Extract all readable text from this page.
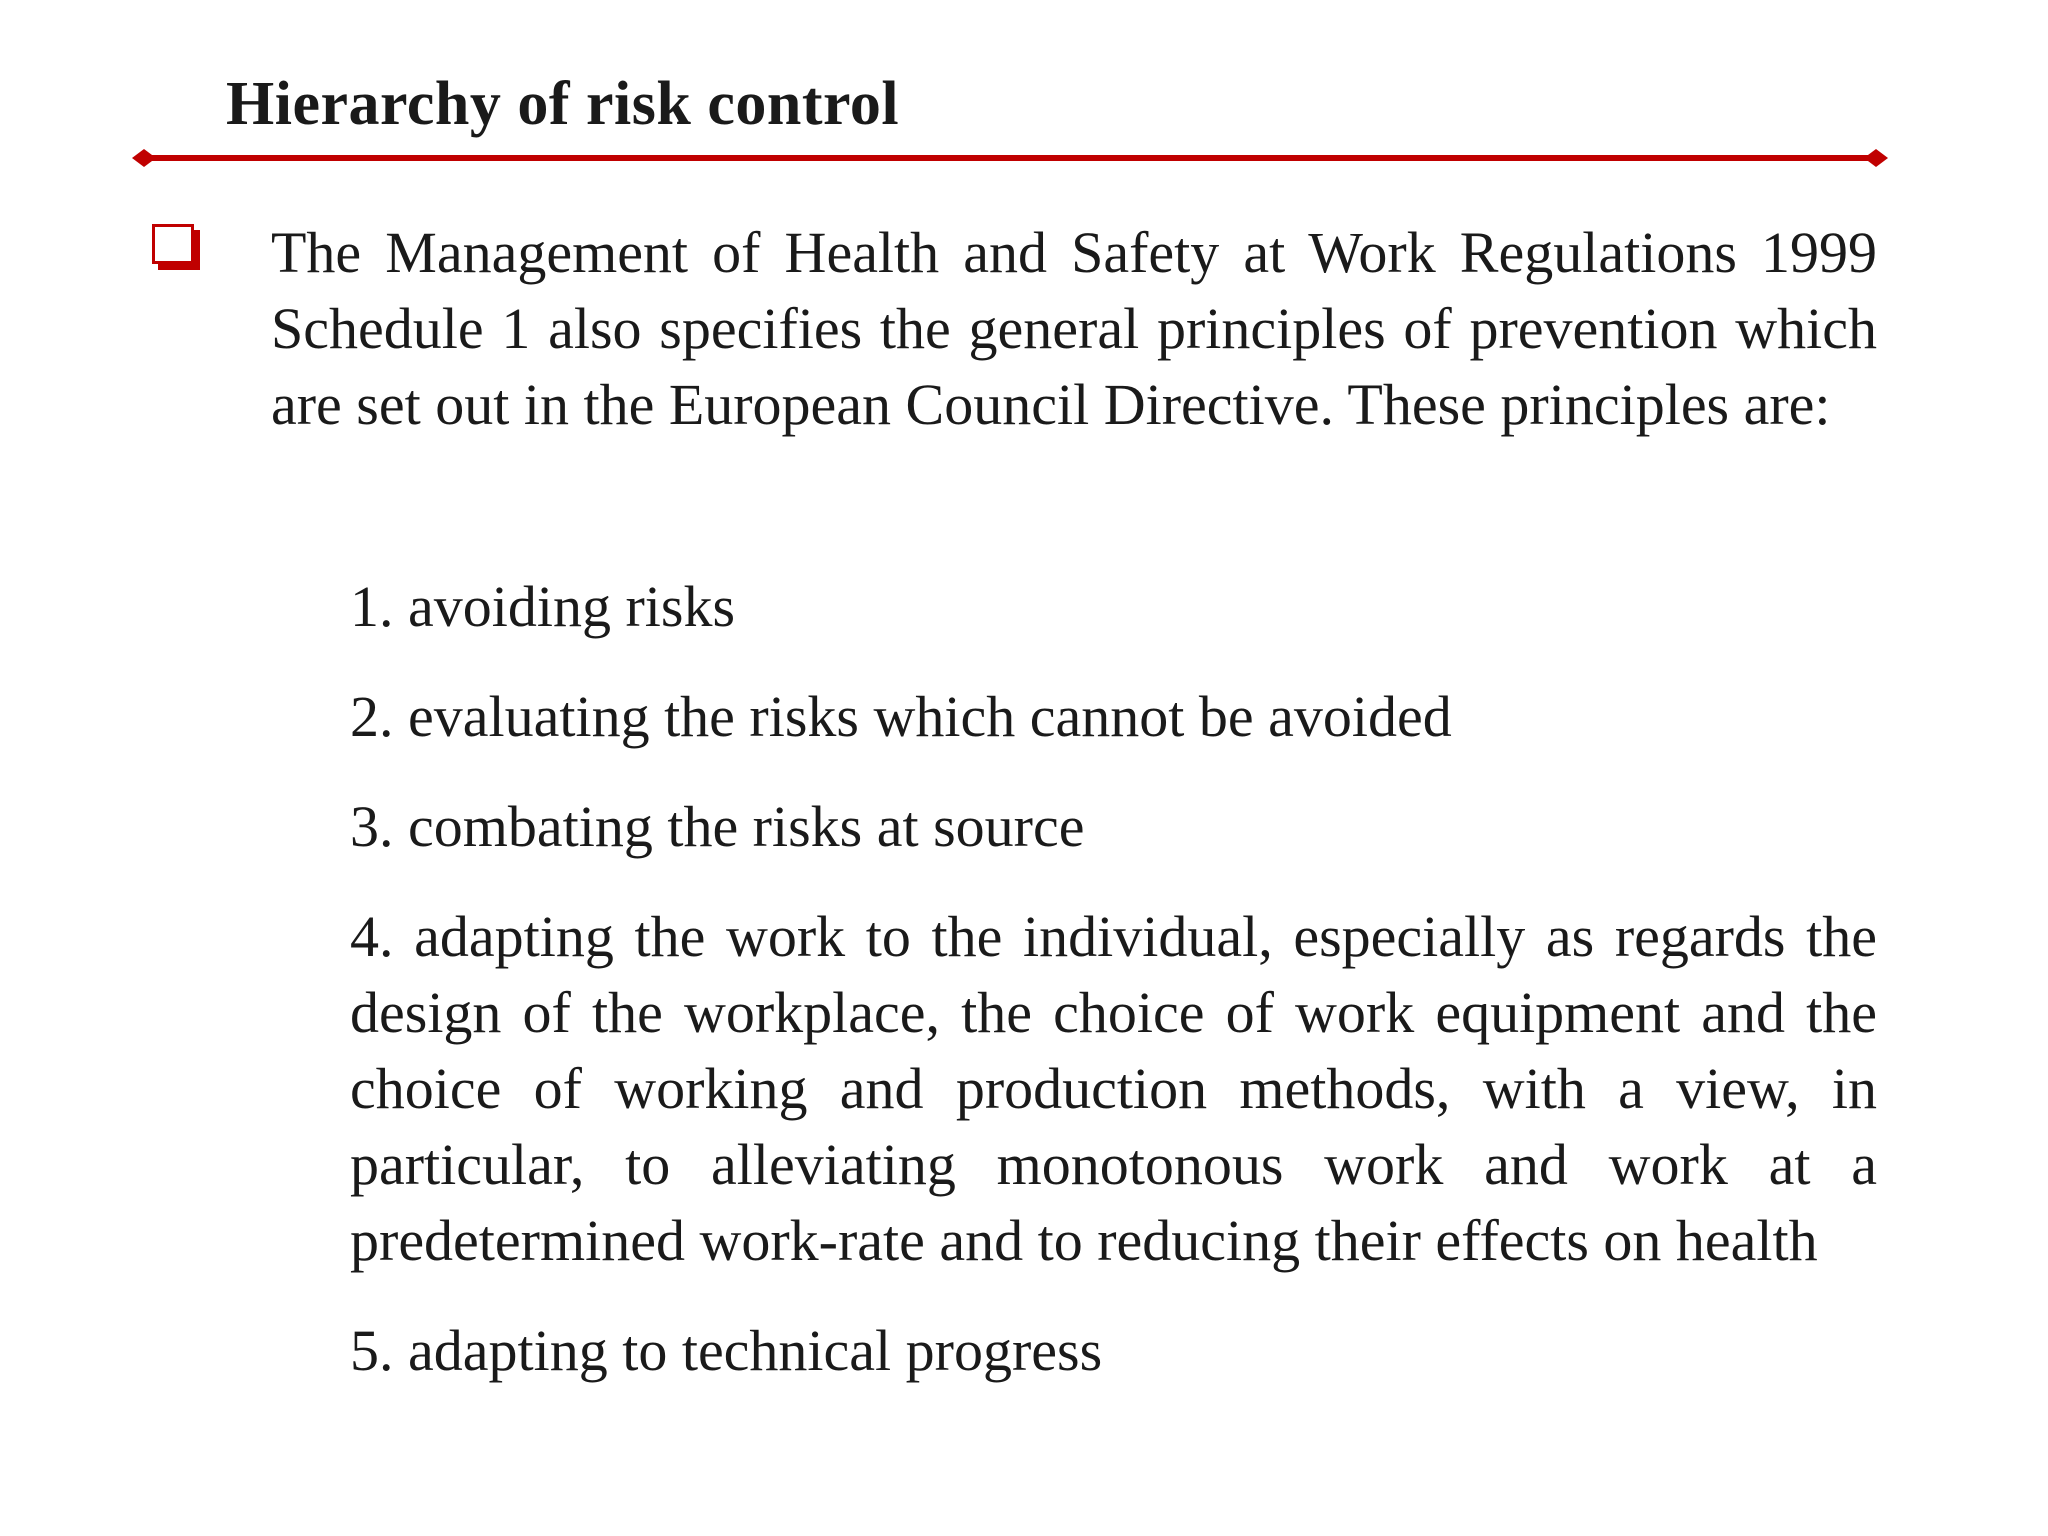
Hierarchy of risk control

The Management of Health and Safety at Work Regulations 1999 Schedule 1 also specifies the general principles of prevention which are set out in the European Council Directive. These principles are:

1. avoiding risks
2. evaluating the risks which cannot be avoided
3. combating the risks at source
4. adapting the work to the individual, especially as regards the design of the workplace, the choice of work equipment and the choice of working and production methods, with a view, in particular, to alleviating monotonous work and work at a predetermined work-rate and to reducing their effects on health
5. adapting to technical progress
